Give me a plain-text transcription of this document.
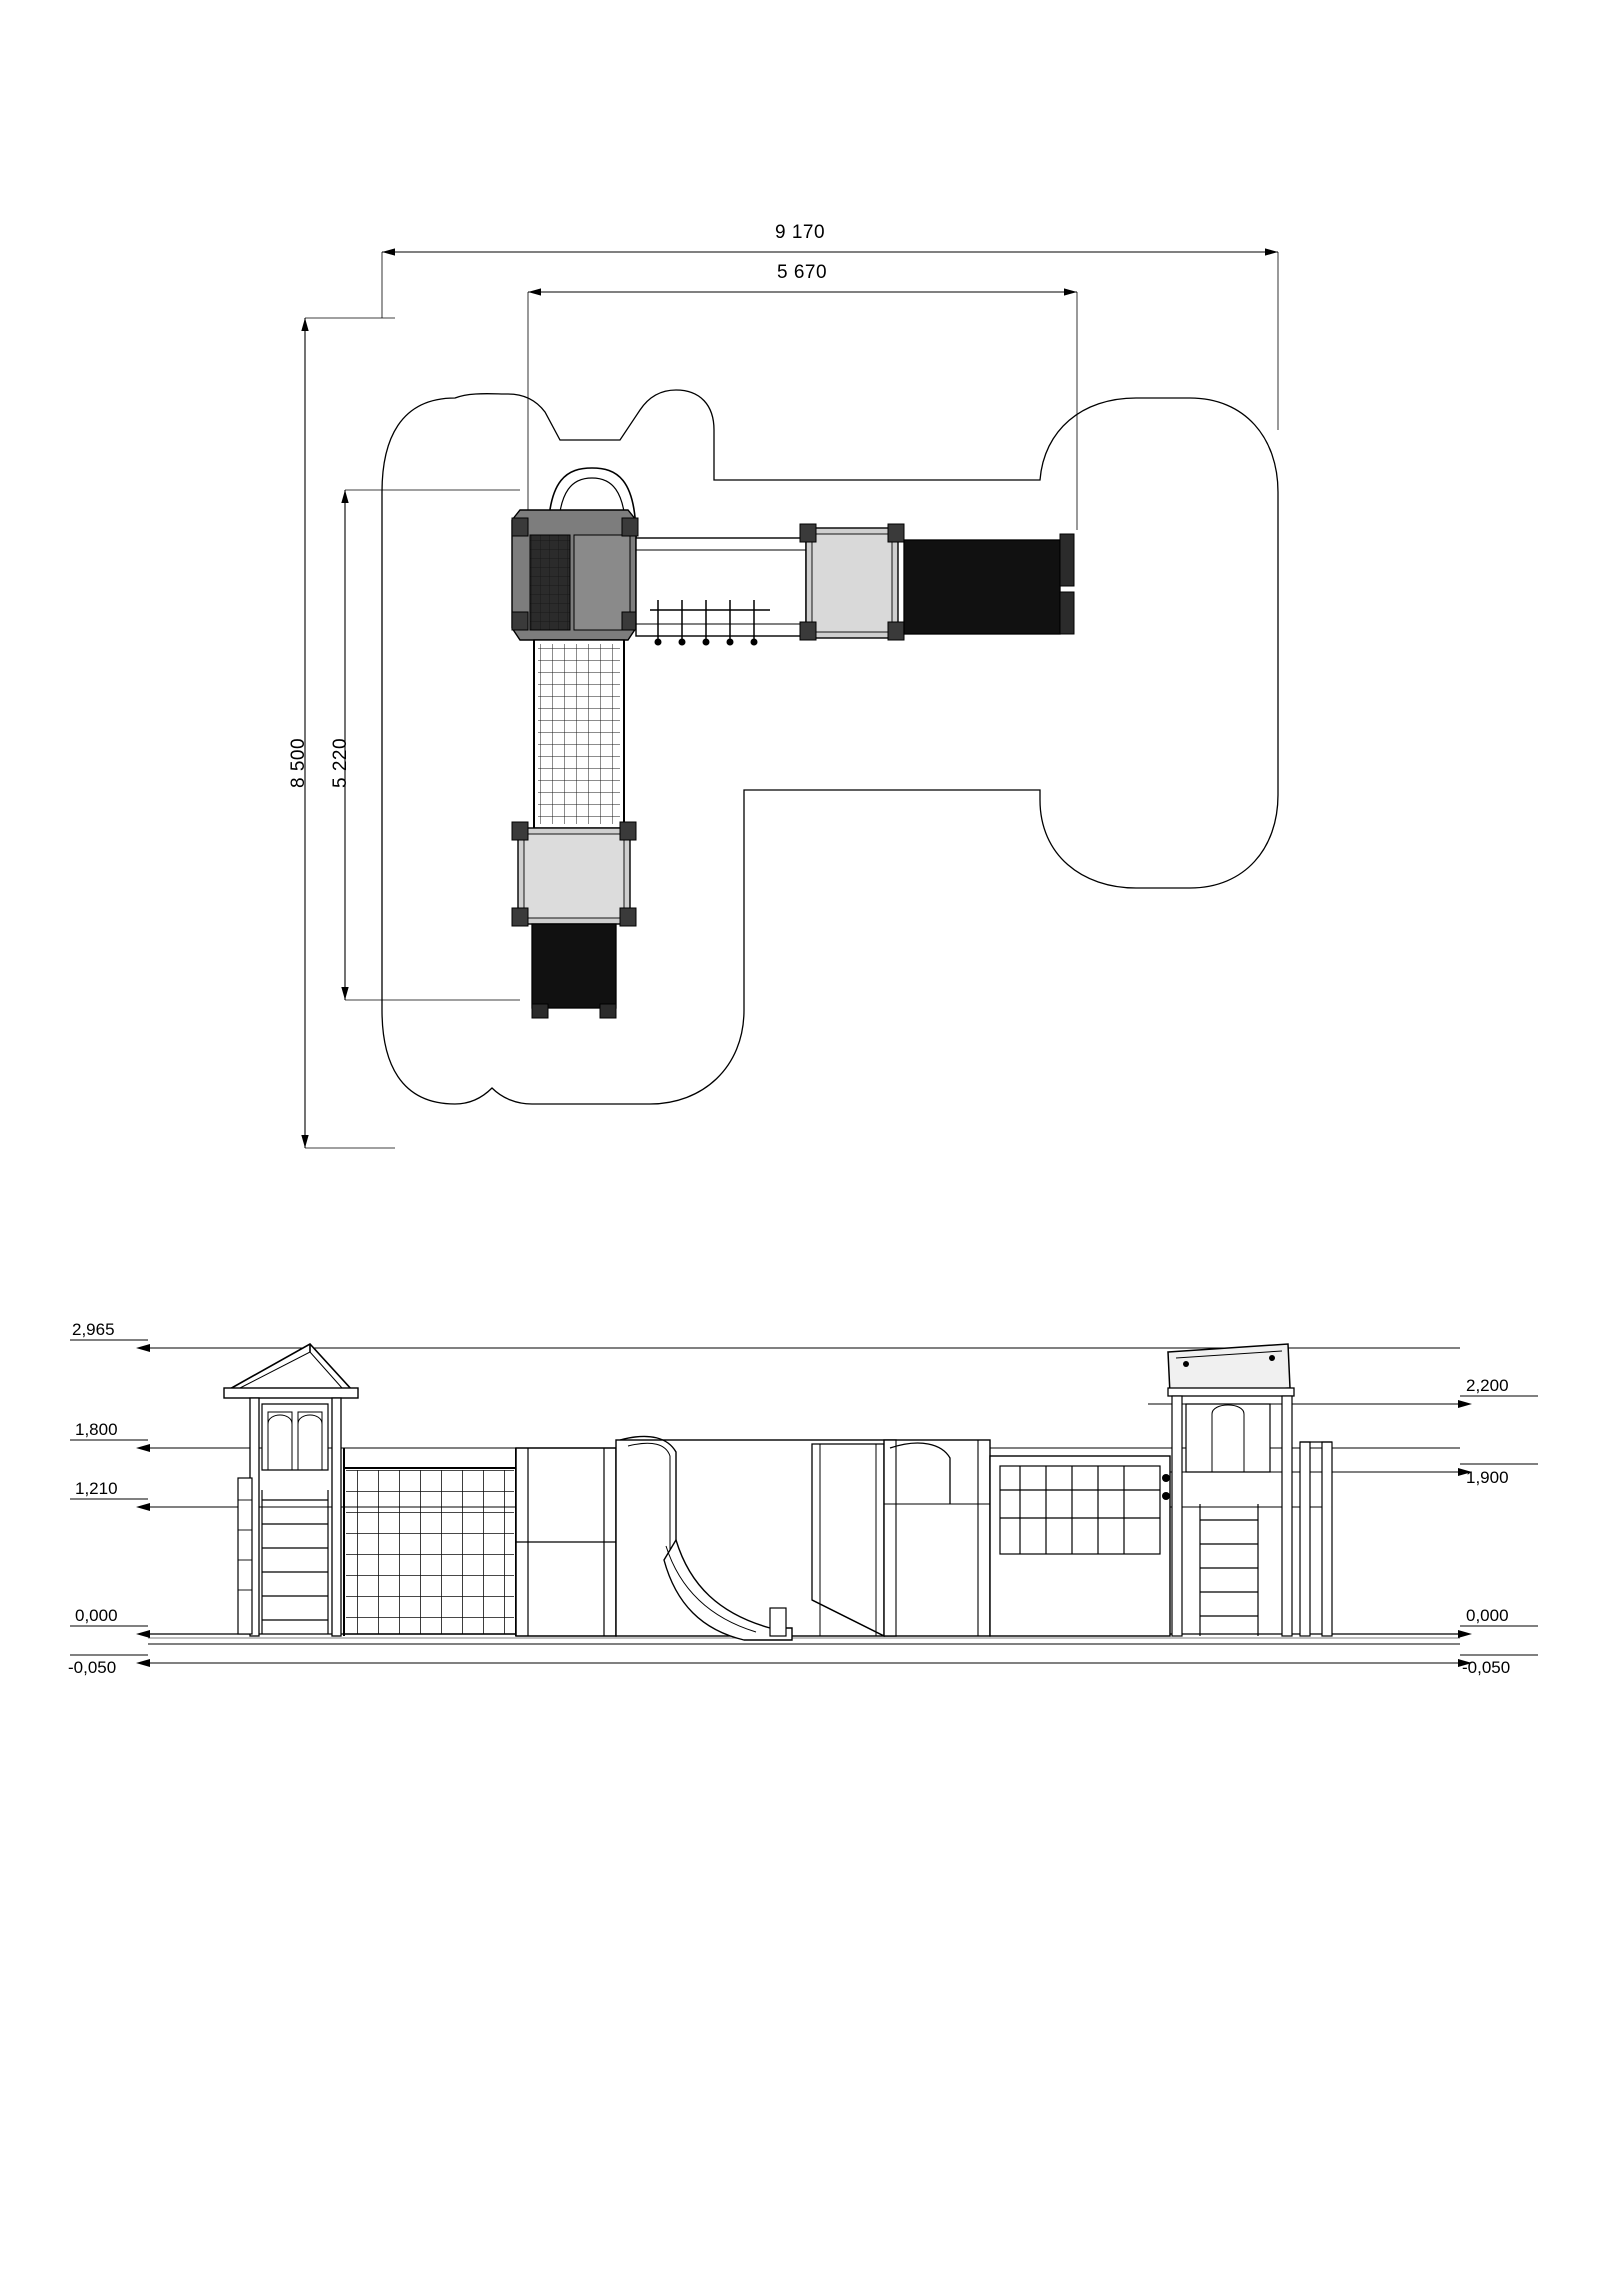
9 170
5 670
8 500 5 220
2,965
1,800
1,210
0,000
-0,050
2,200
1,900
0,000
-0,050
